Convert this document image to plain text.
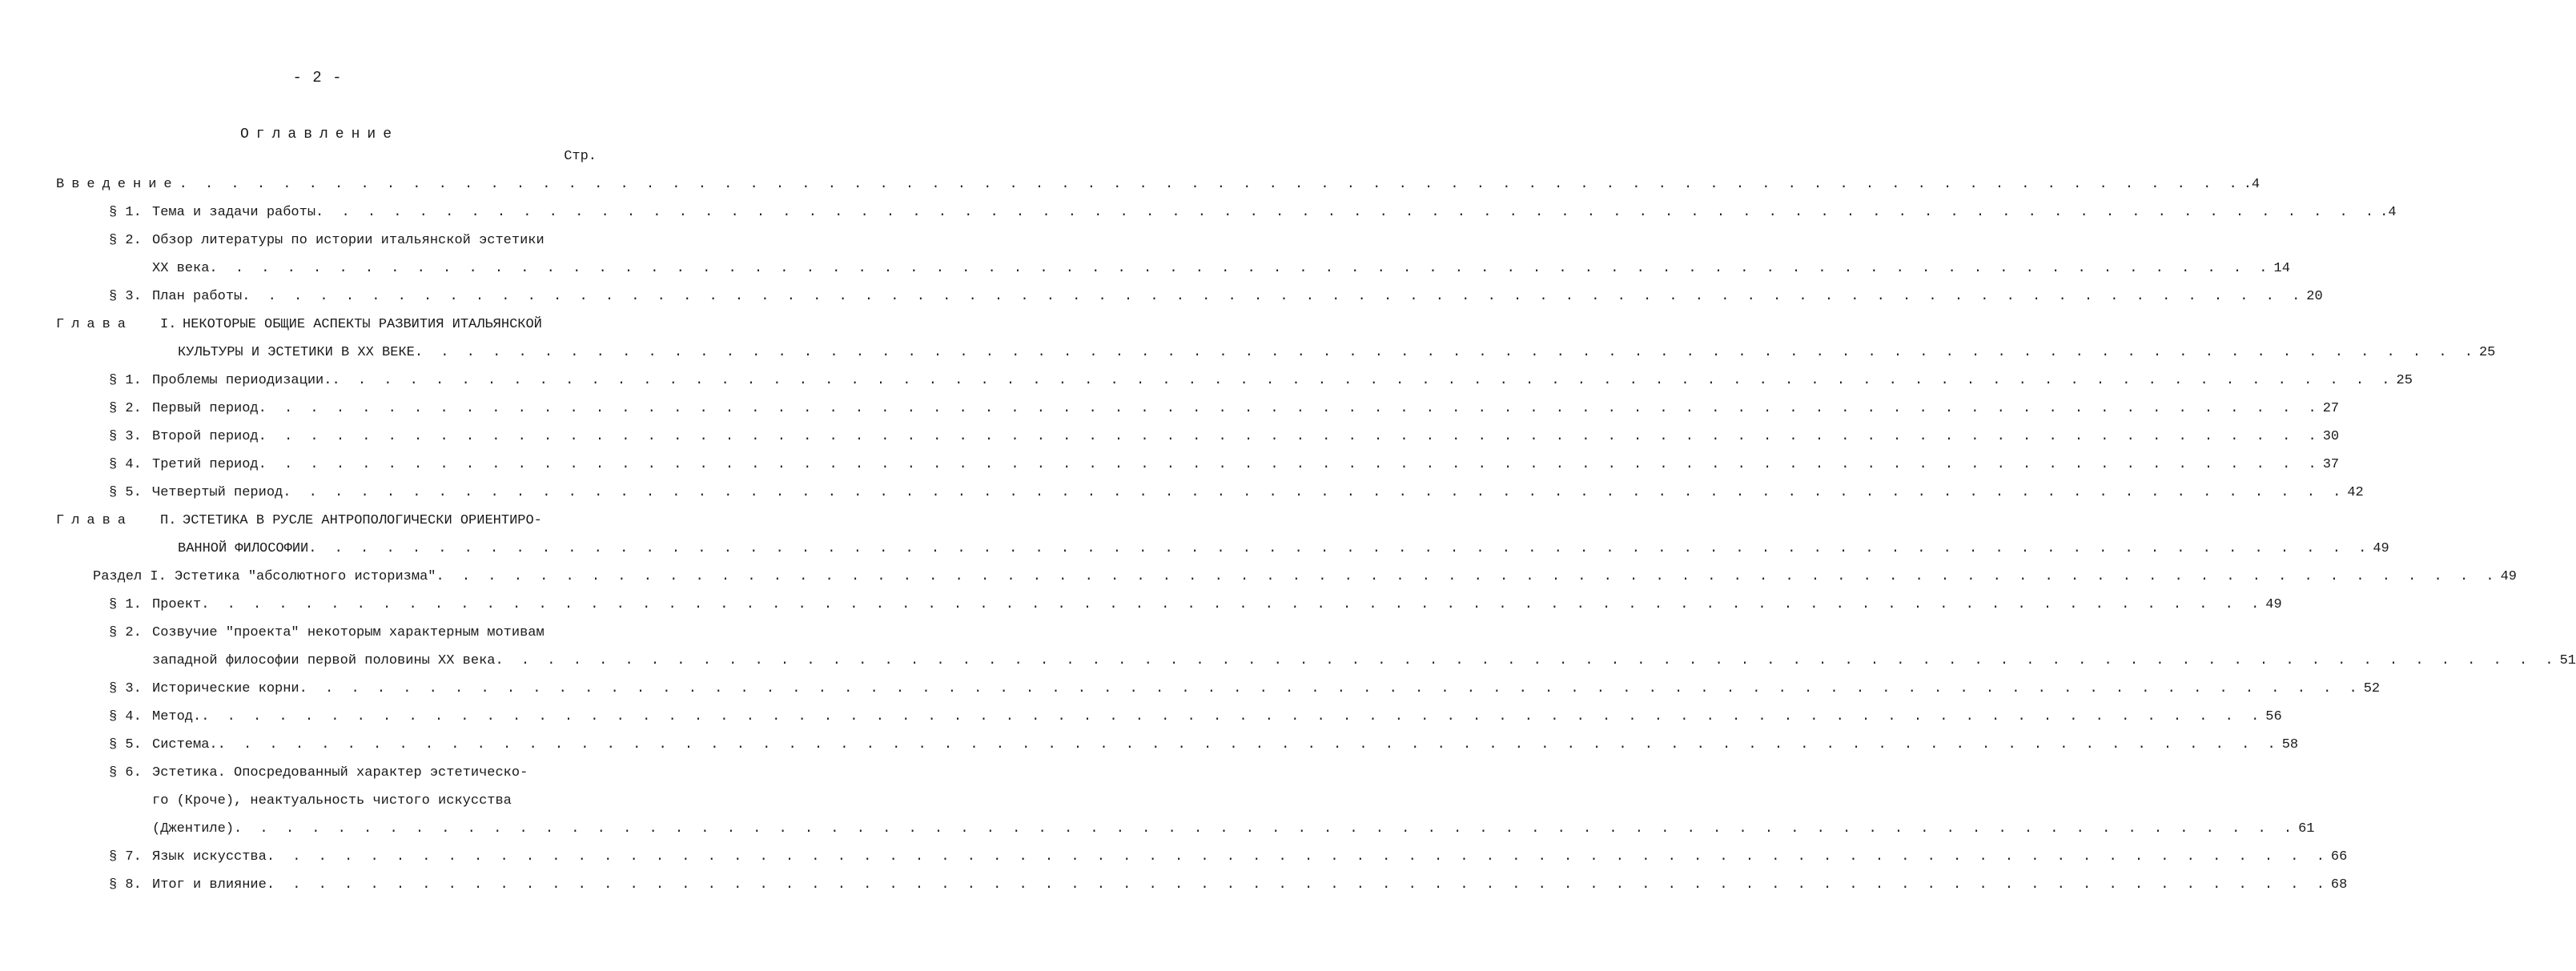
- 2 -
Оглавление
Стр.
Введение . . . . . . . . . . . . . . . . . . . . . . . . . . . . . . . . . . . . . . . . . . . . . . . . . . . . . . . . . . . . . . . . . . . . . . . . . . . . . . . . .4
§ 1. Тема и задачи работы . . . . . . . . . . . . . . . . . . . . . . . . . . . . . . . . . . . . . . . . . . . . . . . . . . . . . . . . . . . . . . . . . . . . . . . . . . . . . . . . .4
§ 2. Обзор литературы по истории итальянской эстетики
XX века . . . . . . . . . . . . . . . . . . . . . . . . . . . . . . . . . . . . . . . . . . . . . . . . . . . . . . . . . . . . . . . . . . . . . . . . . . . . . . . . 14
§ 3. План работы . . . . . . . . . . . . . . . . . . . . . . . . . . . . . . . . . . . . . . . . . . . . . . . . . . . . . . . . . . . . . . . . . . . . . . . . . . . . . . . . 20
Глава I. НЕКОТОРЫЕ ОБЩИЕ АСПЕКТЫ РАЗВИТИЯ ИТАЛЬЯНСКОЙ
КУЛЬТУРЫ И ЭСТЕТИКИ В XX ВЕКЕ . . . . . . . . . . . . . . . . . . . . . . . . . . . . . . . . . . . . . . . . . . . . . . . . . . . . . . . . . . . . . . . . . . . . . . . . . . . . . . . . 25
§ 1. Проблемы периодизации. . . . . . . . . . . . . . . . . . . . . . . . . . . . . . . . . . . . . . . . . . . . . . . . . . . . . . . . . . . . . . . . . . . . . . . . . . . . . . . . . 25
§ 2. Первый период . . . . . . . . . . . . . . . . . . . . . . . . . . . . . . . . . . . . . . . . . . . . . . . . . . . . . . . . . . . . . . . . . . . . . . . . . . . . . . . . 27
§ 3. Второй период . . . . . . . . . . . . . . . . . . . . . . . . . . . . . . . . . . . . . . . . . . . . . . . . . . . . . . . . . . . . . . . . . . . . . . . . . . . . . . . . 30
§ 4. Третий период . . . . . . . . . . . . . . . . . . . . . . . . . . . . . . . . . . . . . . . . . . . . . . . . . . . . . . . . . . . . . . . . . . . . . . . . . . . . . . . . 37
§ 5. Четвертый период . . . . . . . . . . . . . . . . . . . . . . . . . . . . . . . . . . . . . . . . . . . . . . . . . . . . . . . . . . . . . . . . . . . . . . . . . . . . . . . . 42
Глава П. ЭСТЕТИКА В РУСЛЕ АНТРОПОЛОГИЧЕСКИ ОРИЕНТИРО-
ВАННОЙ ФИЛОСОФИИ . . . . . . . . . . . . . . . . . . . . . . . . . . . . . . . . . . . . . . . . . . . . . . . . . . . . . . . . . . . . . . . . . . . . . . . . . . . . . . . . 49
Раздел I. Эстетика "абсолютного историзма" . . . . . . . . . . . . . . . . . . . . . . . . . . . . . . . . . . . . . . . . . . . . . . . . . . . . . . . . . . . . . . . . . . . . . . . . . . . . . . . . 49
§ 1. Проект . . . . . . . . . . . . . . . . . . . . . . . . . . . . . . . . . . . . . . . . . . . . . . . . . . . . . . . . . . . . . . . . . . . . . . . . . . . . . . . . 49
§ 2. Созвучие "проекта" некоторым характерным мотивам
западной философии первой половины XX века . . . . . . . . . . . . . . . . . . . . . . . . . . . . . . . . . . . . . . . . . . . . . . . . . . . . . . . . . . . . . . . . . . . . . . . . . . . . . . . . 51
§ 3. Исторические корни . . . . . . . . . . . . . . . . . . . . . . . . . . . . . . . . . . . . . . . . . . . . . . . . . . . . . . . . . . . . . . . . . . . . . . . . . . . . . . . . 52
§ 4. Метод. . . . . . . . . . . . . . . . . . . . . . . . . . . . . . . . . . . . . . . . . . . . . . . . . . . . . . . . . . . . . . . . . . . . . . . . . . . . . . . . . 56
§ 5. Система. . . . . . . . . . . . . . . . . . . . . . . . . . . . . . . . . . . . . . . . . . . . . . . . . . . . . . . . . . . . . . . . . . . . . . . . . . . . . . . . . 58
§ 6. Эстетика. Опосредованный характер эстетическо-
го (Кроче), неактуальность чистого искусства
(Джентиле) . . . . . . . . . . . . . . . . . . . . . . . . . . . . . . . . . . . . . . . . . . . . . . . . . . . . . . . . . . . . . . . . . . . . . . . . . . . . . . . . 61
§ 7. Язык искусства . . . . . . . . . . . . . . . . . . . . . . . . . . . . . . . . . . . . . . . . . . . . . . . . . . . . . . . . . . . . . . . . . . . . . . . . . . . . . . . . 66
§ 8. Итог и влияние . . . . . . . . . . . . . . . . . . . . . . . . . . . . . . . . . . . . . . . . . . . . . . . . . . . . . . . . . . . . . . . . . . . . . . . . . . . . . . . . 68
